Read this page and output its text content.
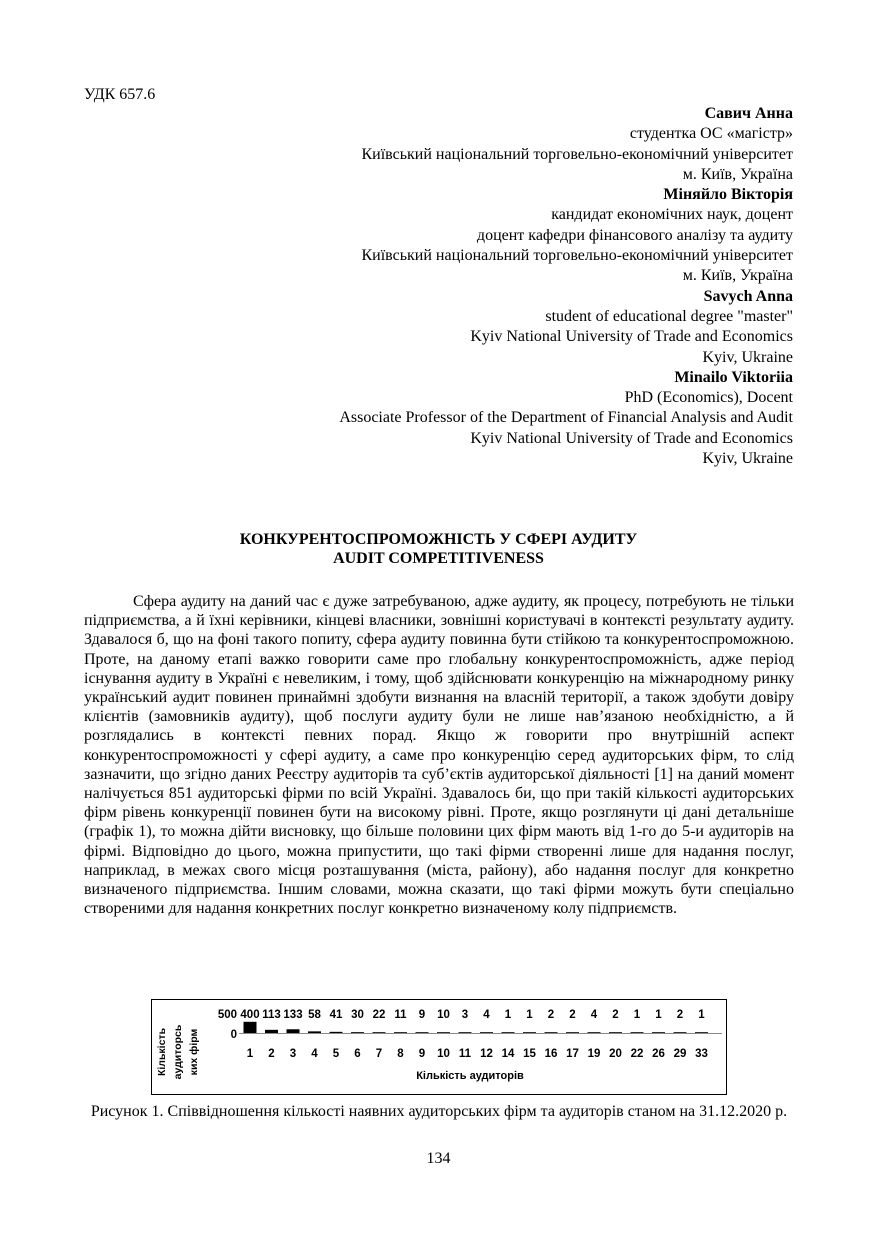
УДК 657.6
Савич Анна
студентка ОС «магістр»
Київський національний торговельно-економічний університет
м. Київ, Україна
Міняйло Вікторія
кандидат економічних наук, доцент
доцент кафедри фінансового аналізу та аудиту
Київський національний торговельно-економічний університет
м. Київ, Україна
Savych Anna
student of educational degree "master"
Kyiv National University of Trade and Economics
Kyiv, Ukraine
Minailo Viktoriia
PhD (Economics), Docent
Associate Professor of the Department of Financial Analysis and Audit
Kyiv National University of Trade and Economics
Kyiv, Ukraine
КОНКУРЕНТОСПРОМОЖНІСТЬ У СФЕРІ АУДИТУ
AUDIT COMPETITIVENESS

Сфера аудиту на даний час є дуже затребуваною, адже аудиту, як процесу, потребують не тільки підприємства, а й їхні керівники, кінцеві власники, зовнішні користувачі в контексті результату аудиту. Здавалося б, що на фоні такого попиту, сфера аудиту повинна бути стійкою та конкурентоспроможною. Проте, на даному етапі важко говорити саме про глобальну конкурентоспроможність, адже період існування аудиту в Україні є невеликим, і тому, щоб здійснювати конкуренцію на міжнародному ринку український аудит повинен принаймні здобути визнання на власній території, а також здобути довіру клієнтів (замовників аудиту), щоб послуги аудиту були не лише нав’язаною необхідністю, а й розглядались в контексті певних порад. Якщо ж говорити про внутрішній аспект конкурентоспроможності у сфері аудиту, а саме про конкуренцію серед аудиторських фірм, то слід зазначити, що згідно даних Реєстру аудиторів та суб’єктів аудиторської діяльності [1] на даний момент налічується 851 аудиторські фірми по всій Україні. Здавалось би, що при такій кількості аудиторських фірм рівень конкуренції повинен бути на високому рівні. Проте, якщо розглянути ці дані детальніше (графік 1), то можна дійти висновку, що більше половини цих фірм мають від 1-го до 5-и аудиторів на фірмі. Відповідно до цього, можна припустити, що такі фірми створенні лише для надання послуг, наприклад, в межах свого місця розташування (міста, району), або надання послуг для конкретно визначеного підприємства. Іншим словами, можна сказати, що такі фірми можуть бути спеціально створеними для надання конкретних послуг конкретно визначеному колу підприємств.

500
0
Кількість аудиторсь ких фірм
400
1
113
2
133
3
58
4
41
5
30
6
22
7
11
8
9
9
10
10
3
11
4
12
1
14
1
15
2
16
2
17
4
19
2
20
1
22
1
26
2
29
1
33
Кількість аудиторів
Рисунок 1. Співвідношення кількості наявних аудиторських фірм та аудиторів станом на 31.12.2020 р.
134
